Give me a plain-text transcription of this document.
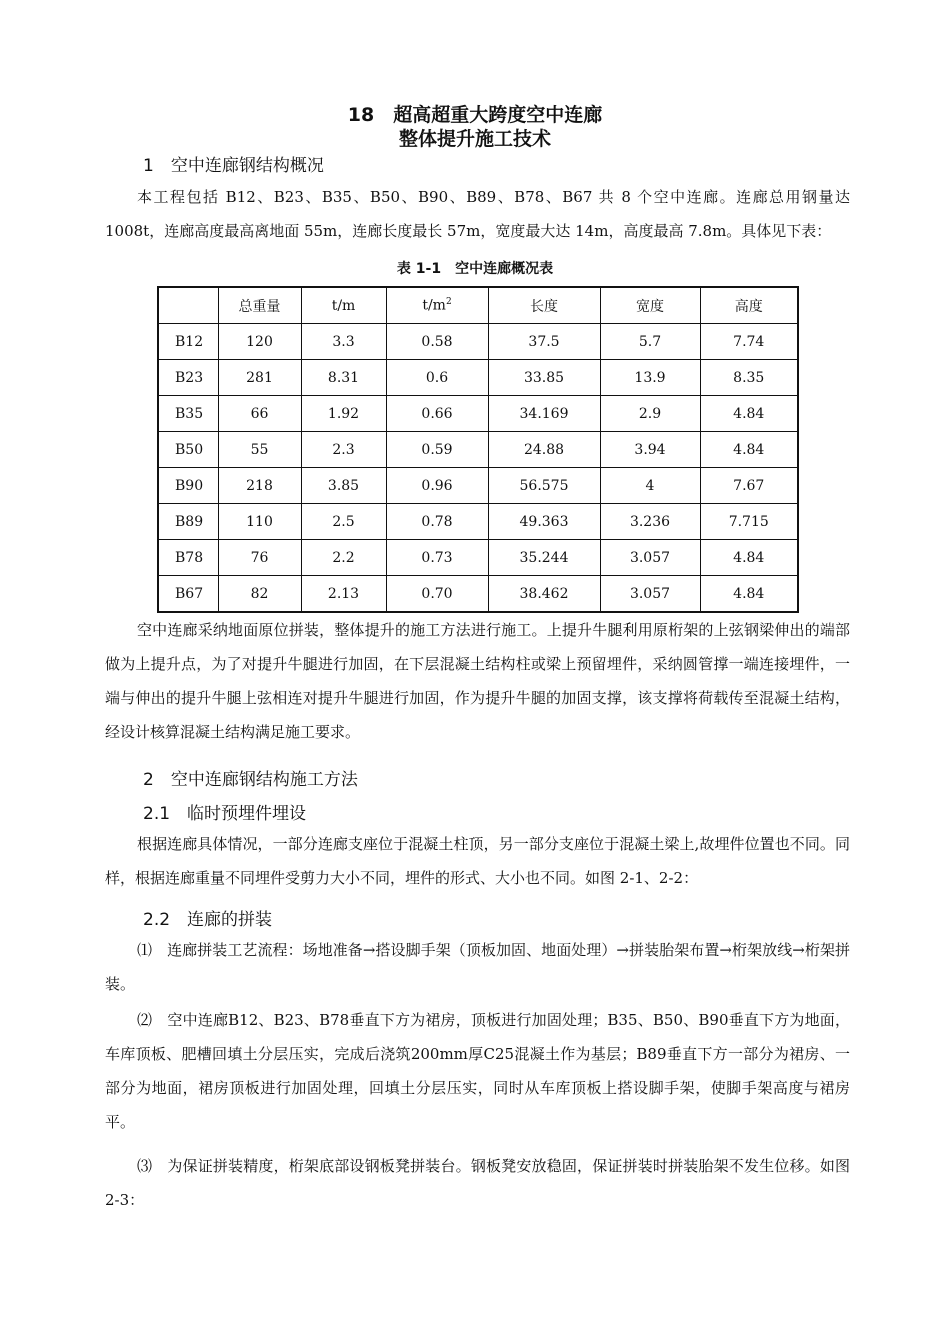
18　超高超重大跨度空中连廊
整体提升施工技术
1　空中连廊钢结构概况
本工程包括 B12、B23、B35、B50、B90、B89、B78、B67 共 8 个空中连廊。连廊总用钢量达 1008t，连廊高度最高离地面 55m，连廊长度最长 57m，宽度最大达 14m，高度最高 7.8m。具体见下表：
表 1-1　空中连廊概况表
	总重量	t/m	$t/m^2$	长度	宽度	高度
B12	120	3.3	0.58	37.5	5.7	7.74
B23	281	8.31	0.6	33.85	13.9	8.35
B35	66	1.92	0.66	34.169	2.9	4.84
B50	55	2.3	0.59	24.88	3.94	4.84
B90	218	3.85	0.96	56.575	4	7.67
B89	110	2.5	0.78	49.363	3.236	7.715
B78	76	2.2	0.73	35.244	3.057	4.84
B67	82	2.13	0.70	38.462	3.057	4.84
空中连廊采纳地面原位拼装，整体提升的施工方法进行施工。上提升牛腿利用原桁架的上弦钢梁伸出的端部做为上提升点，为了对提升牛腿进行加固，在下层混凝土结构柱或梁上预留埋件，采纳圆管撑一端连接埋件，一端与伸出的提升牛腿上弦相连对提升牛腿进行加固，作为提升牛腿的加固支撑，该支撑将荷载传至混凝土结构，经设计核算混凝土结构满足施工要求。
2　空中连廊钢结构施工方法
2.1　临时预埋件埋设
根据连廊具体情况，一部分连廊支座位于混凝土柱顶，另一部分支座位于混凝土梁上,故埋件位置也不同。同样，根据连廊重量不同埋件受剪力大小不同，埋件的形式、大小也不同。如图 2-1、2-2：
2.2　连廊的拼装
⑴　连廊拼装工艺流程：场地准备→搭设脚手架（顶板加固、地面处理）→拼装胎架布置→桁架放线→桁架拼装。
⑵　空中连廊B12、B23、B78垂直下方为裙房，顶板进行加固处理；B35、B50、B90垂直下方为地面，车库顶板、肥槽回填土分层压实，完成后浇筑200mm厚C25混凝土作为基层；B89垂直下方一部分为裙房、一部分为地面，裙房顶板进行加固处理，回填土分层压实，同时从车库顶板上搭设脚手架，使脚手架高度与裙房平。
⑶　为保证拼装精度，桁架底部设钢板凳拼装台。钢板凳安放稳固，保证拼装时拼装胎架不发生位移。如图2-3：
